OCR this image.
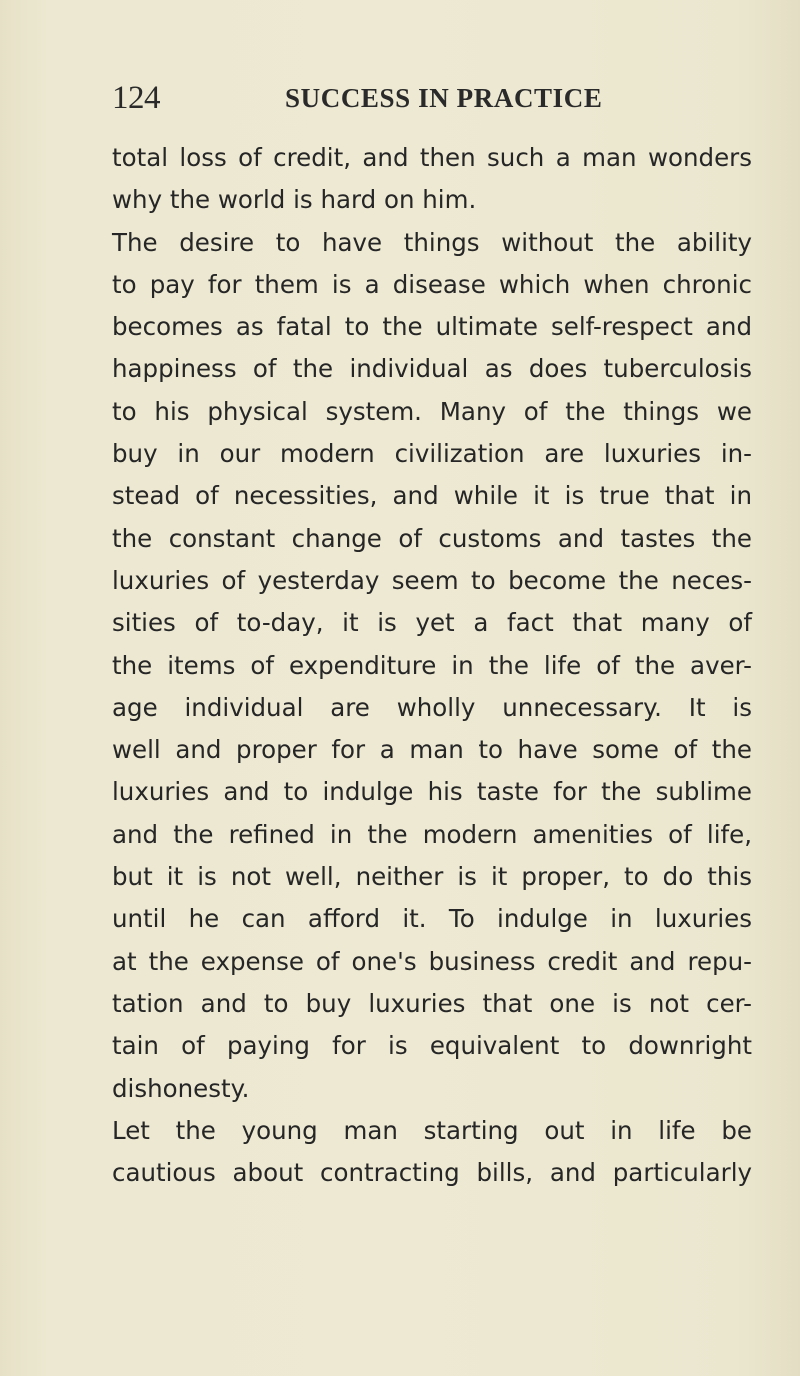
124	SUCCESS IN PRACTICE
total loss of credit, and then such a man wonders
why the world is hard on him.
The desire to have things without the ability
to pay for them is a disease which when chronic
becomes as fatal to the ultimate self-respect and
happiness of the individual as does tuberculosis
to his physical system. Many of the things we
buy in our modern civilization are luxuries in-
stead of necessities, and while it is true that in
the constant change of customs and tastes the
luxuries of yesterday seem to become the neces-
sities of to-day, it is yet a fact that many of
the items of expenditure in the life of the aver-
age individual are wholly unnecessary. It is
well and proper for a man to have some of the
luxuries and to indulge his taste for the sublime
and the refined in the modern amenities of life,
but it is not well, neither is it proper, to do this
until he can afford it. To indulge in luxuries
at the expense of one's business credit and repu-
tation and to buy luxuries that one is not cer-
tain of paying for is equivalent to downright
dishonesty.
Let the young man starting out in life be
cautious about contracting bills, and particularly
